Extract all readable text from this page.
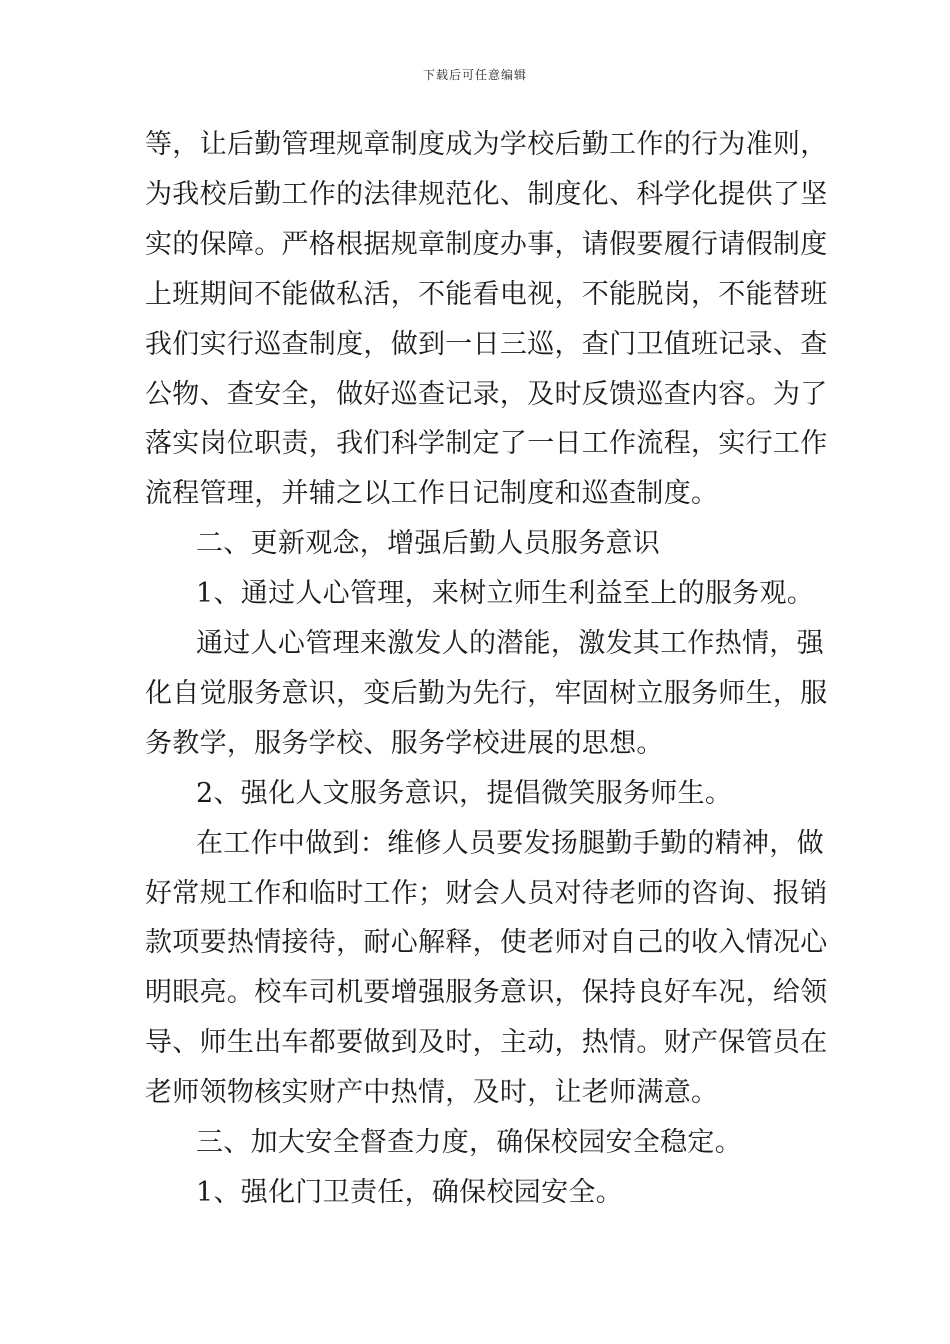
下载后可任意编辑
等，让后勤管理规章制度成为学校后勤工作的行为准则，
为我校后勤工作的法律规范化、制度化、科学化提供了坚
实的保障。严格根据规章制度办事，请假要履行请假制度
上班期间不能做私活，不能看电视，不能脱岗，不能替班
我们实行巡查制度，做到一日三巡，查门卫值班记录、查
公物、查安全，做好巡查记录，及时反馈巡查内容。为了
落实岗位职责，我们科学制定了一日工作流程，实行工作
流程管理，并辅之以工作日记制度和巡查制度。
二、更新观念，增强后勤人员服务意识
1、通过人心管理，来树立师生利益至上的服务观。
通过人心管理来激发人的潜能，激发其工作热情，强
化自觉服务意识，变后勤为先行，牢固树立服务师生，服
务教学，服务学校、服务学校进展的思想。
2、强化人文服务意识，提倡微笑服务师生。
在工作中做到：维修人员要发扬腿勤手勤的精神，做
好常规工作和临时工作；财会人员对待老师的咨询、报销
款项要热情接待，耐心解释，使老师对自己的收入情况心
明眼亮。校车司机要增强服务意识，保持良好车况，给领
导、师生出车都要做到及时，主动，热情。财产保管员在
老师领物核实财产中热情，及时，让老师满意。
三、加大安全督查力度，确保校园安全稳定。
1、强化门卫责任，确保校园安全。
